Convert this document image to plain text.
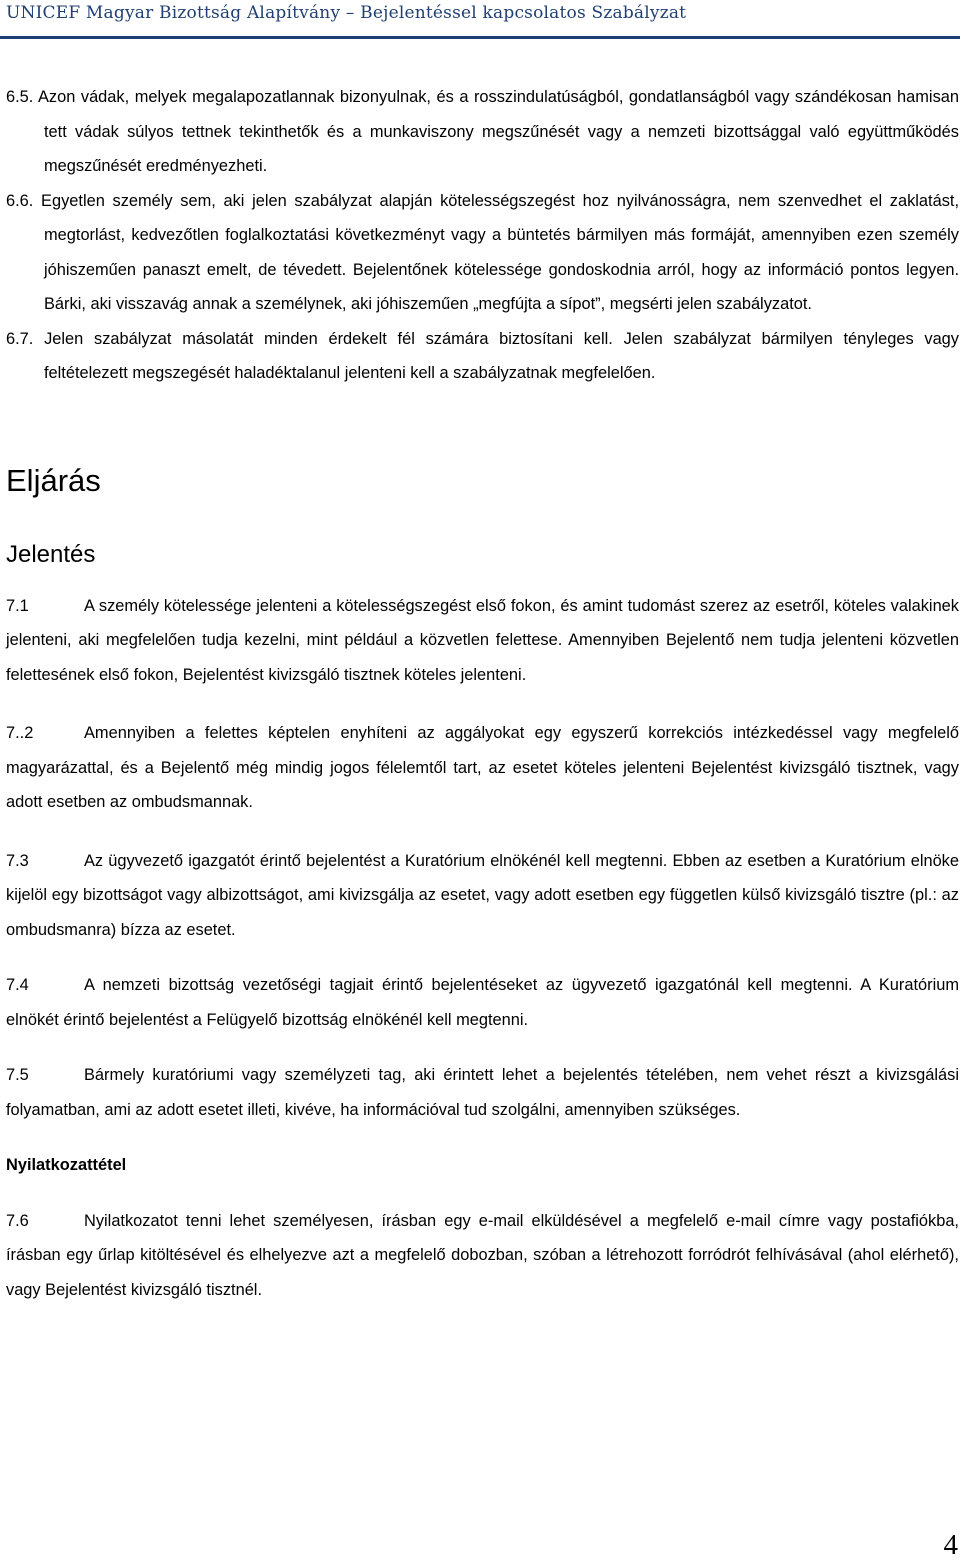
UNICEF Magyar Bizottság Alapítvány – Bejelentéssel kapcsolatos Szabályzat

6.5. Azon vádak, melyek megalapozatlannak bizonyulnak, és a rosszindulatúságból, gondatlanságból vagy szándékosan hamisan tett vádak súlyos tettnek tekinthetők és a munkaviszony megszűnését vagy a nemzeti bizottsággal való együttműködés megszűnését eredményezheti.

6.6. Egyetlen személy sem, aki jelen szabályzat alapján kötelességszegést hoz nyilvánosságra, nem szenvedhet el zaklatást, megtorlást, kedvezőtlen foglalkoztatási következményt vagy a büntetés bármilyen más formáját, amennyiben ezen személy jóhiszeműen panaszt emelt, de tévedett. Bejelentőnek kötelessége gondoskodnia arról, hogy az információ pontos legyen. Bárki, aki visszavág annak a személynek, aki jóhiszeműen „megfújta a sípot”, megsérti jelen szabályzatot.

6.7. Jelen szabályzat másolatát minden érdekelt fél számára biztosítani kell. Jelen szabályzat bármilyen tényleges vagy feltételezett megszegését haladéktalanul jelenteni kell a szabályzatnak megfelelően.

Eljárás
Jelentés

7.1	A személy kötelessége jelenteni a kötelességszegést első fokon, és amint tudomást szerez az esetről, köteles valakinek jelenteni, aki megfelelően tudja kezelni, mint például a közvetlen felettese. Amennyiben Bejelentő nem tudja jelenteni közvetlen felettesének első fokon, Bejelentést kivizsgáló tisztnek köteles jelenteni.

7..2	Amennyiben a felettes képtelen enyhíteni az aggályokat egy egyszerű korrekciós intézkedéssel vagy megfelelő magyarázattal, és a Bejelentő még mindig jogos félelemtől tart, az esetet köteles jelenteni Bejelentést kivizsgáló tisztnek, vagy adott esetben az ombudsmannak.

7.3	Az ügyvezető igazgatót érintő bejelentést a Kuratórium elnökénél kell megtenni. Ebben az esetben a Kuratórium elnöke kijelöl egy bizottságot vagy albizottságot, ami kivizsgálja az esetet, vagy adott esetben egy független külső kivizsgáló tisztre (pl.: az ombudsmanra) bízza az esetet.

7.4	A nemzeti bizottság vezetőségi tagjait érintő bejelentéseket az ügyvezető igazgatónál kell megtenni. A Kuratórium elnökét érintő bejelentést a Felügyelő bizottság elnökénél kell megtenni.

7.5	Bármely kuratóriumi vagy személyzeti tag, aki érintett lehet a bejelentés tételében, nem vehet részt a kivizsgálási folyamatban, ami az adott esetet illeti, kivéve, ha információval tud szolgálni, amennyiben szükséges.

Nyilatkozattétel

7.6	Nyilatkozatot tenni lehet személyesen, írásban egy e-mail elküldésével a megfelelő e-mail címre vagy postafiókba, írásban egy űrlap kitöltésével és elhelyezve azt a megfelelő dobozban, szóban a létrehozott forródrót felhívásával (ahol elérhető), vagy Bejelentést kivizsgáló tisztnél.

4
